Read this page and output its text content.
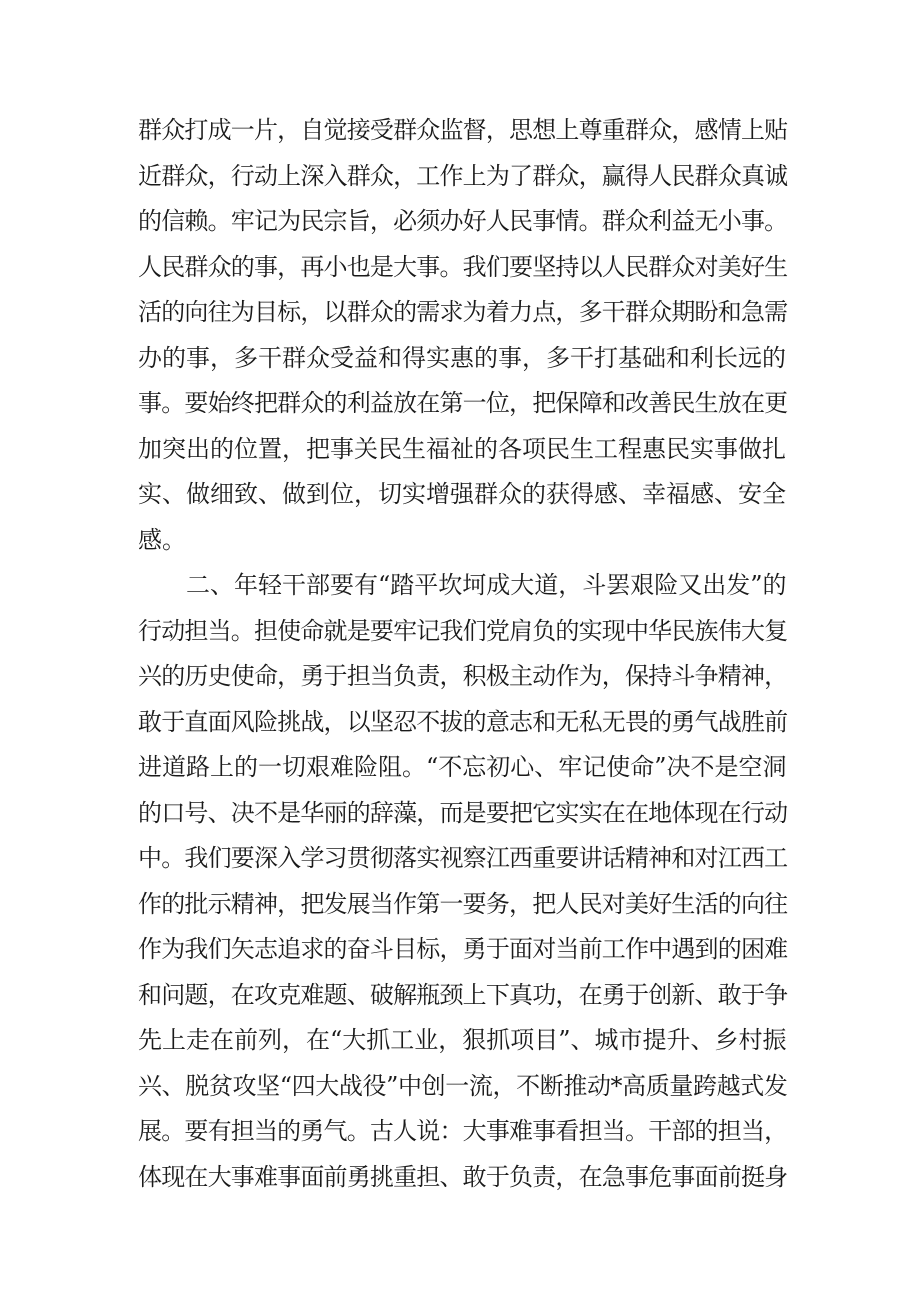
群众打成一片，自觉接受群众监督，思想上尊重群众，感情上贴
近群众，行动上深入群众，工作上为了群众，赢得人民群众真诚
的信赖。牢记为民宗旨，必须办好人民事情。群众利益无小事。
人民群众的事，再小也是大事。我们要坚持以人民群众对美好生
活的向往为目标，以群众的需求为着力点，多干群众期盼和急需
办的事，多干群众受益和得实惠的事，多干打基础和利长远的
事。要始终把群众的利益放在第一位，把保障和改善民生放在更
加突出的位置，把事关民生福祉的各项民生工程惠民实事做扎
实、做细致、做到位，切实增强群众的获得感、幸福感、安全
感。
二、年轻干部要有“踏平坎坷成大道，斗罢艰险又出发”的
行动担当。担使命就是要牢记我们党肩负的实现中华民族伟大复
兴的历史使命，勇于担当负责，积极主动作为，保持斗争精神，
敢于直面风险挑战，以坚忍不拔的意志和无私无畏的勇气战胜前
进道路上的一切艰难险阻。“不忘初心、牢记使命”决不是空洞
的口号、决不是华丽的辞藻，而是要把它实实在在地体现在行动
中。我们要深入学习贯彻落实视察江西重要讲话精神和对江西工
作的批示精神，把发展当作第一要务，把人民对美好生活的向往
作为我们矢志追求的奋斗目标，勇于面对当前工作中遇到的困难
和问题，在攻克难题、破解瓶颈上下真功，在勇于创新、敢于争
先上走在前列，在“大抓工业，狠抓项目”、城市提升、乡村振
兴、脱贫攻坚“四大战役”中创一流，不断推动*高质量跨越式发
展。要有担当的勇气。古人说：大事难事看担当。干部的担当，
体现在大事难事面前勇挑重担、敢于负责，在急事危事面前挺身
